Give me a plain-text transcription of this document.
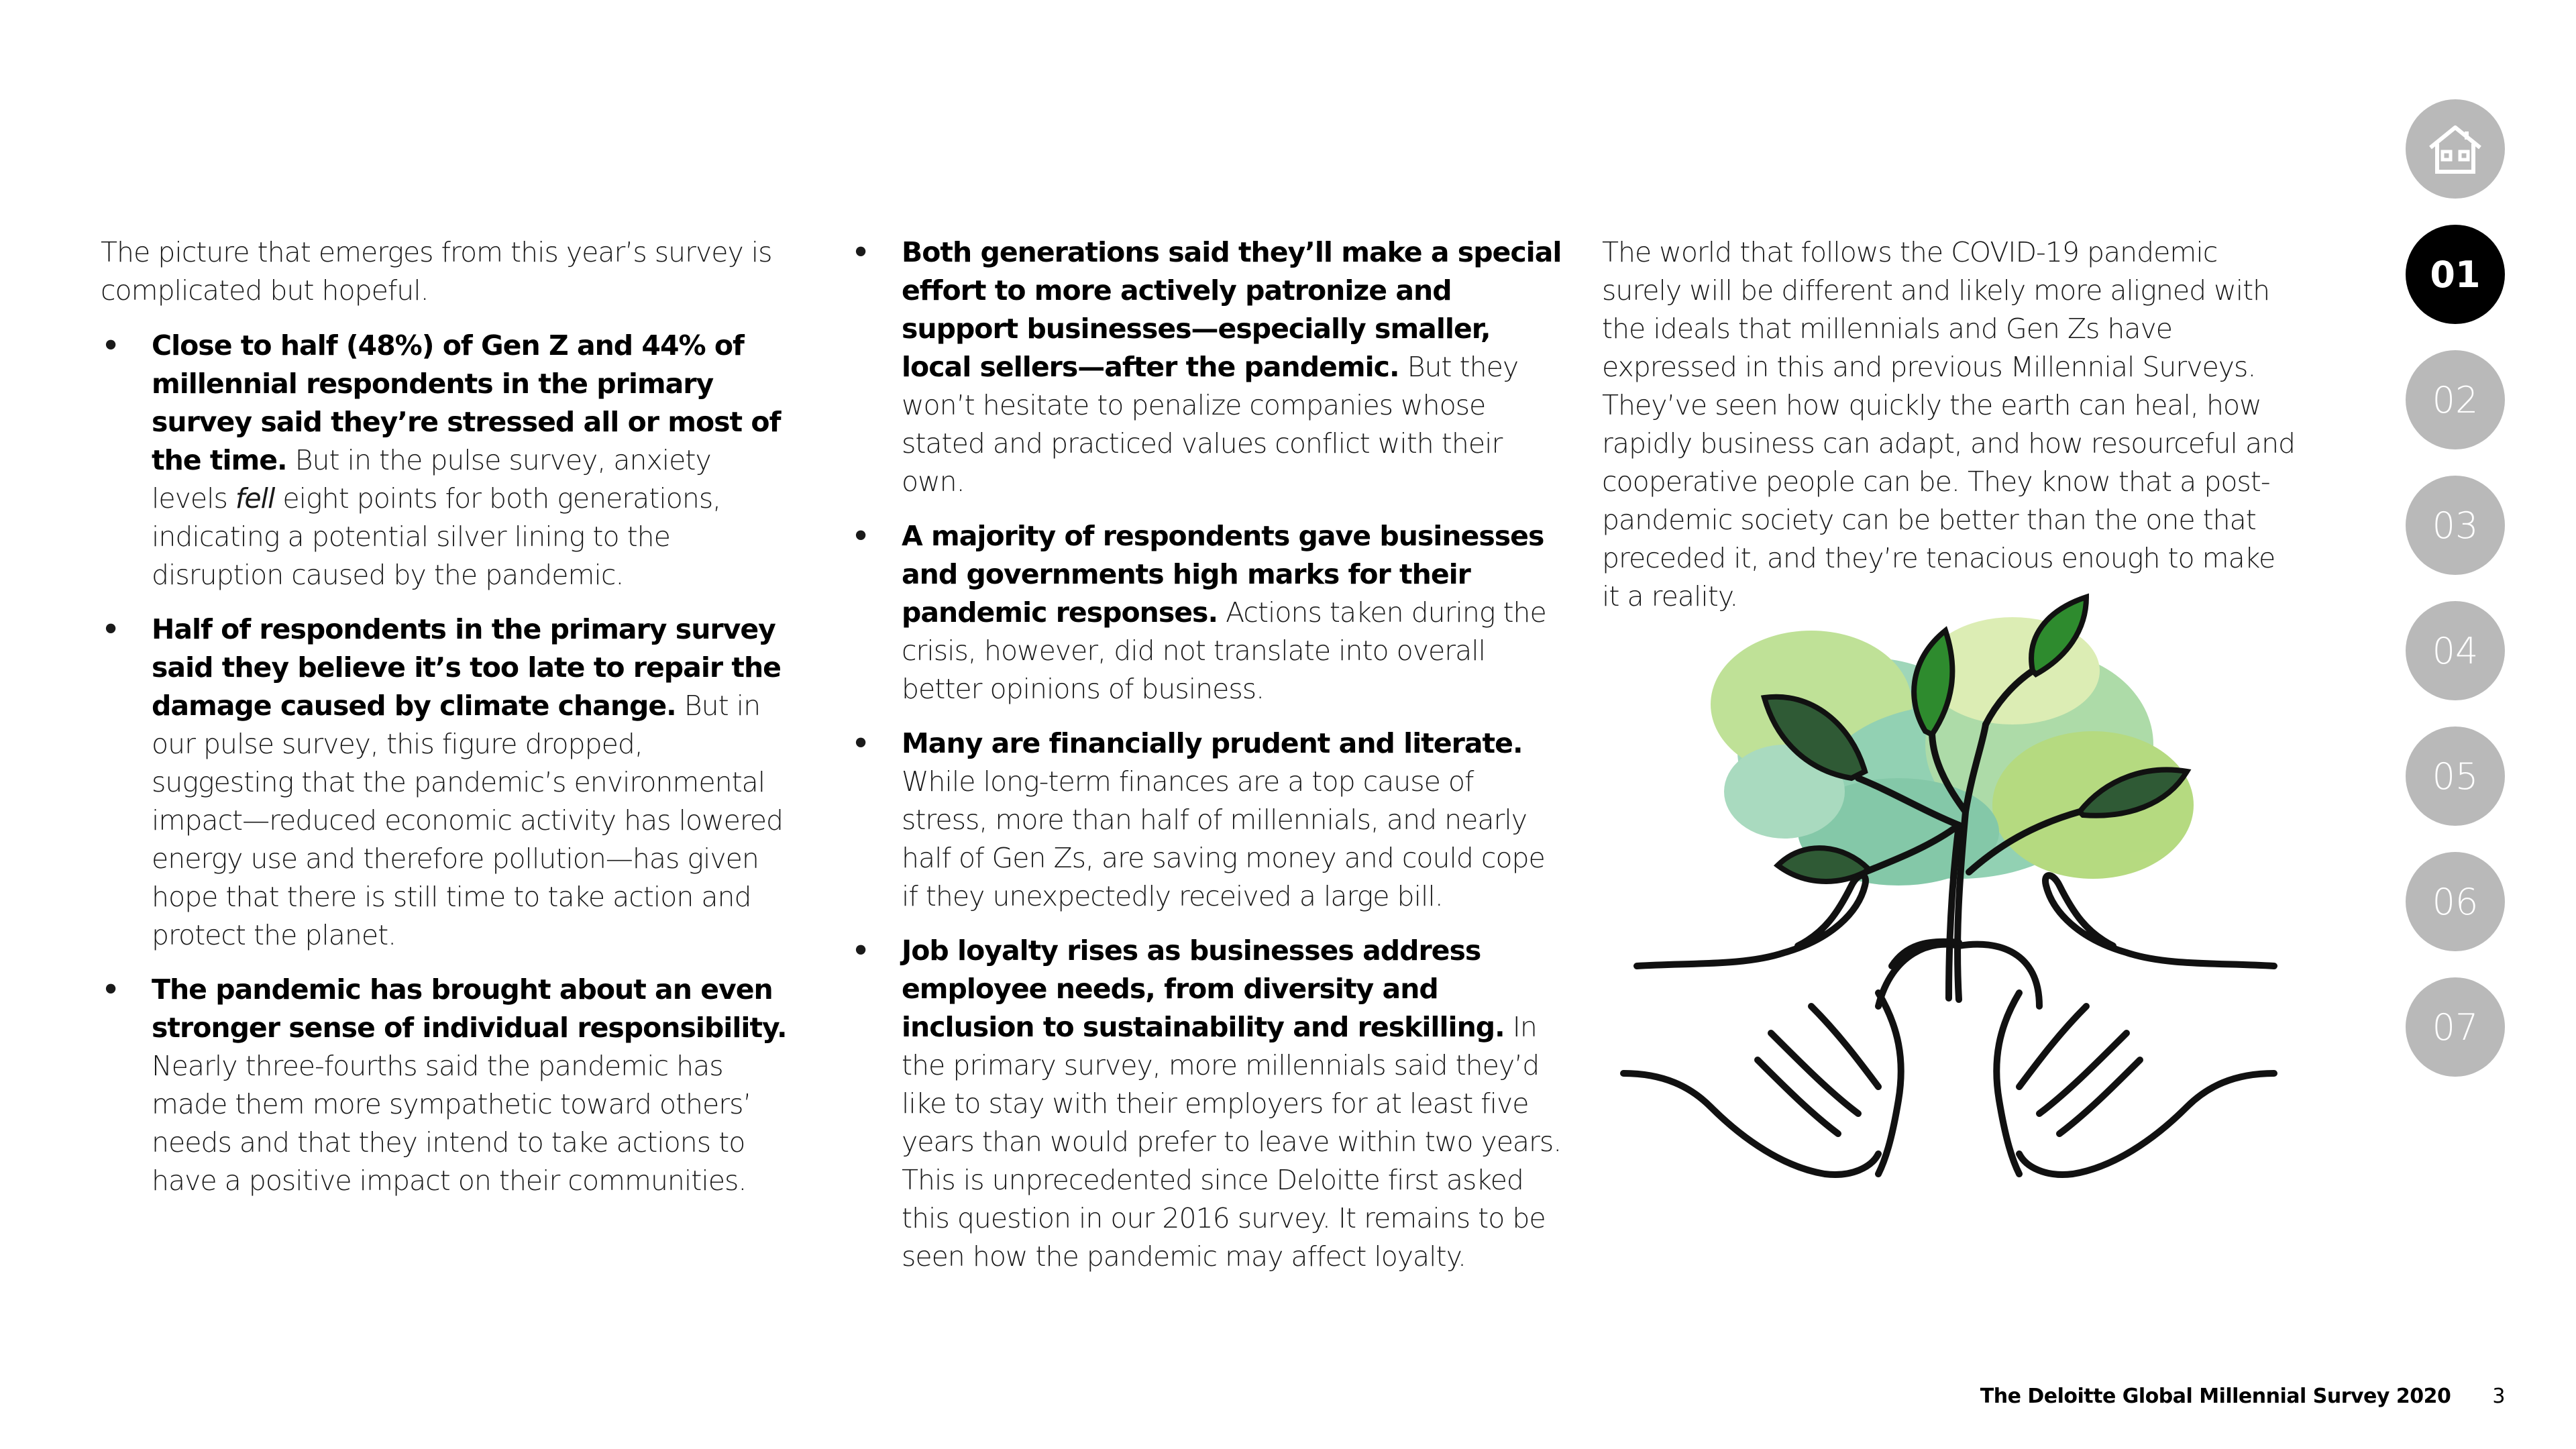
The picture that emerges from this year’s survey is complicated but hopeful.

• Close to half (48%) of Gen Z and 44% of millennial respondents in the primary survey said they’re stressed all or most of the time. But in the pulse survey, anxiety levels fell eight points for both generations, indicating a potential silver lining to the disruption caused by the pandemic.
• Half of respondents in the primary survey said they believe it’s too late to repair the damage caused by climate change. But in our pulse survey, this figure dropped, suggesting that the pandemic’s environmental impact—reduced economic activity has lowered energy use and therefore pollution—has given hope that there is still time to take action and protect the planet.
• The pandemic has brought about an even stronger sense of individual responsibility. Nearly three-fourths said the pandemic has made them more sympathetic toward others’ needs and that they intend to take actions to have a positive impact on their communities.
• Both generations said they’ll make a special effort to more actively patronize and support businesses—especially smaller, local sellers—after the pandemic. But they won’t hesitate to penalize companies whose stated and practiced values conflict with their own.
• A majority of respondents gave businesses and governments high marks for their pandemic responses. Actions taken during the crisis, however, did not translate into overall better opinions of business.
• Many are financially prudent and literate. While long-term finances are a top cause of stress, more than half of millennials, and nearly half of Gen Zs, are saving money and could cope if they unexpectedly received a large bill.
• Job loyalty rises as businesses address employee needs, from diversity and inclusion to sustainability and reskilling. In the primary survey, more millennials said they’d like to stay with their employers for at least five years than would prefer to leave within two years. This is unprecedented since Deloitte first asked this question in our 2016 survey. It remains to be seen how the pandemic may affect loyalty.

The world that follows the COVID-19 pandemic surely will be different and likely more aligned with the ideals that millennials and Gen Zs have expressed in this and previous Millennial Surveys. They’ve seen how quickly the earth can heal, how rapidly business can adapt, and how resourceful and cooperative people can be. They know that a post-pandemic society can be better than the one that preceded it, and they’re tenacious enough to make it a reality.

01
02
03
04
05
06
07
The Deloitte Global Millennial Survey 2020 3
